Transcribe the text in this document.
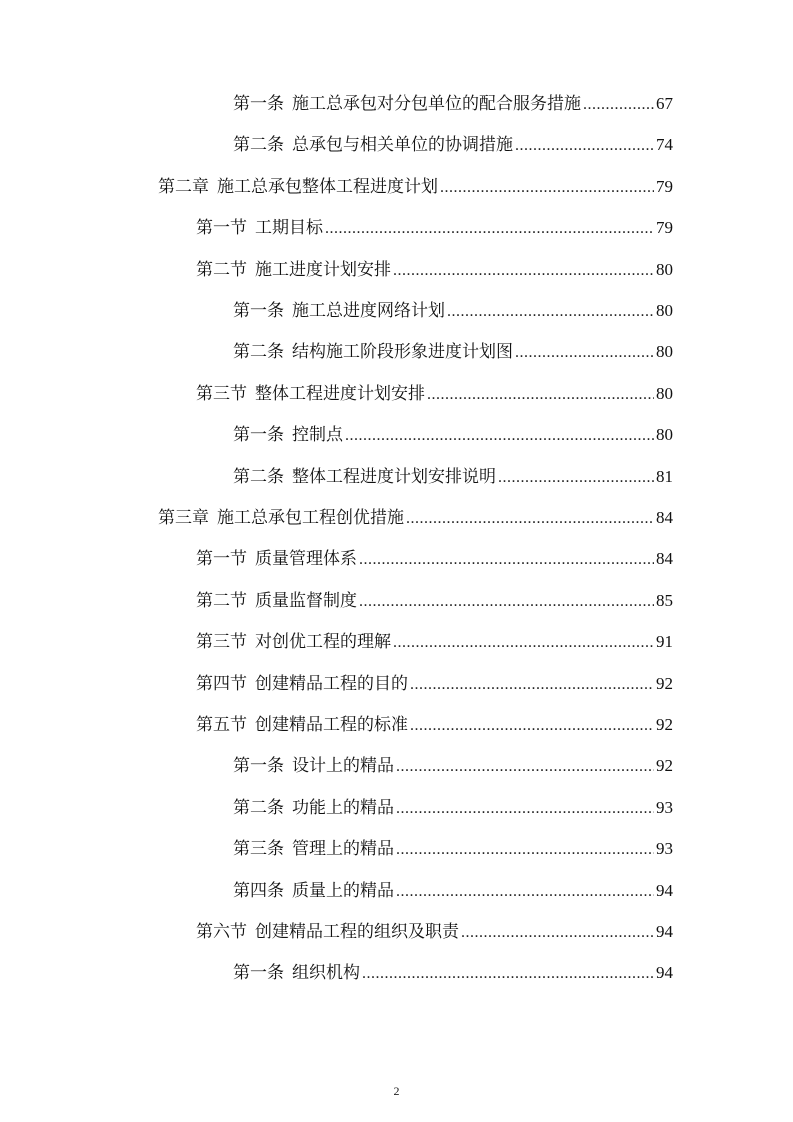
第一条 施工总承包对分包单位的配合服务措施 .....	67
第二条 总承包与相关单位的协调措施 .....	74
第二章 施工总承包整体工程进度计划 .....	79
第一节 工期目标 .....	79
第二节 施工进度计划安排 .....	80
第一条 施工总进度网络计划 .....	80
第二条 结构施工阶段形象进度计划图 .....	80
第三节 整体工程进度计划安排 .....	80
第一条 控制点 .....	80
第二条 整体工程进度计划安排说明 .....	81
第三章 施工总承包工程创优措施 .....	84
第一节 质量管理体系 .....	84
第二节 质量监督制度 .....	85
第三节 对创优工程的理解 .....	91
第四节 创建精品工程的目的 .....	92
第五节 创建精品工程的标准 .....	92
第一条 设计上的精品 .....	92
第二条 功能上的精品 .....	93
第三条 管理上的精品 .....	93
第四条 质量上的精品 .....	94
第六节 创建精品工程的组织及职责 .....	94
第一条 组织机构 .....	94
2
